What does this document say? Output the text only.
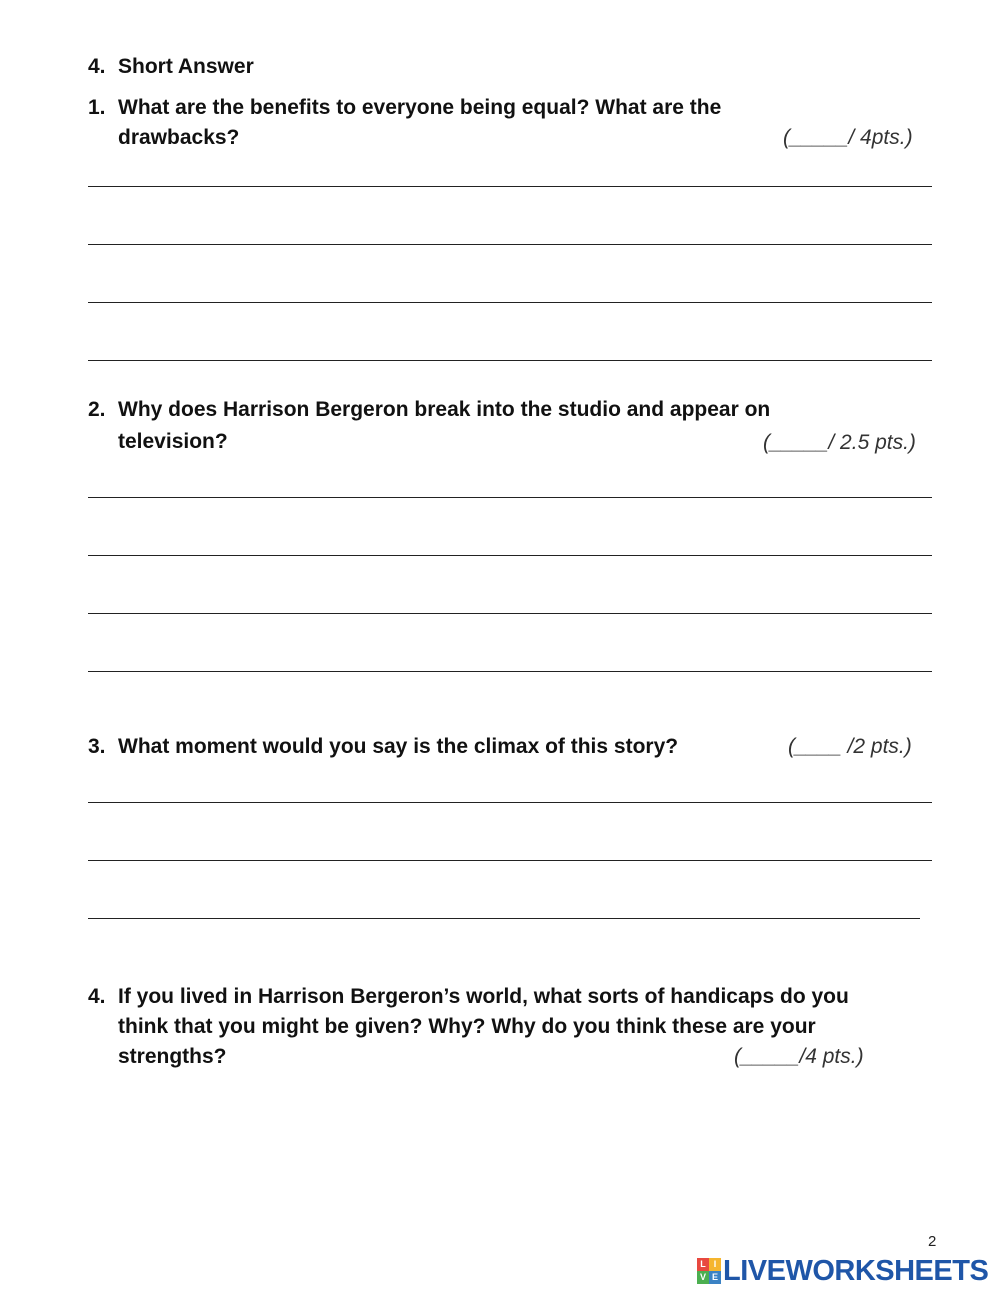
4. Short Answer
1. What are the benefits to everyone being equal? What are the
drawbacks?	(_____/ 4pts.)
2. Why does Harrison Bergeron break into the studio and appear on
television?	(_____/ 2.5 pts.)
3. What moment would you say is the climax of this story?	(____ /2 pts.)
4. If you lived in Harrison Bergeron’s world, what sorts of handicaps do you
think that you might be given? Why? Why do you think these are your
strengths?	(_____/4 pts.)
2
L I
V E LIVEWORKSHEETS
